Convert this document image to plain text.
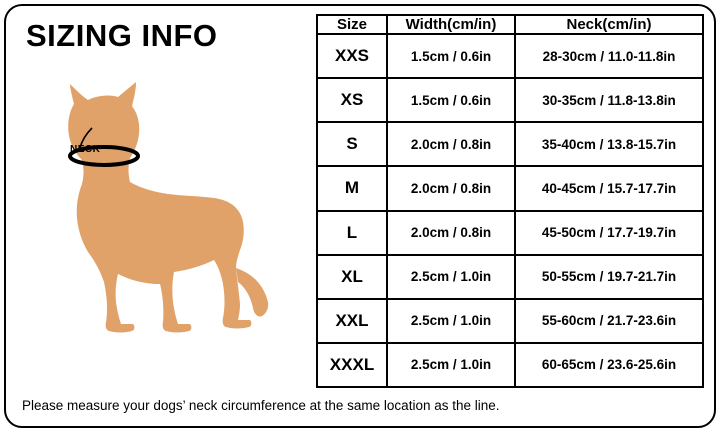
SIZING INFO
NECK
Size	Width(cm/in)	Neck(cm/in)
XXS	1.5cm / 0.6in	28-30cm / 11.0-11.8in
XS	1.5cm / 0.6in	30-35cm / 11.8-13.8in
S	2.0cm / 0.8in	35-40cm / 13.8-15.7in
M	2.0cm / 0.8in	40-45cm / 15.7-17.7in
L	2.0cm / 0.8in	45-50cm / 17.7-19.7in
XL	2.5cm / 1.0in	50-55cm / 19.7-21.7in
XXL	2.5cm / 1.0in	55-60cm / 21.7-23.6in
XXXL	2.5cm / 1.0in	60-65cm / 23.6-25.6in
Please measure your dogs’ neck circumference at the same location as the line.
